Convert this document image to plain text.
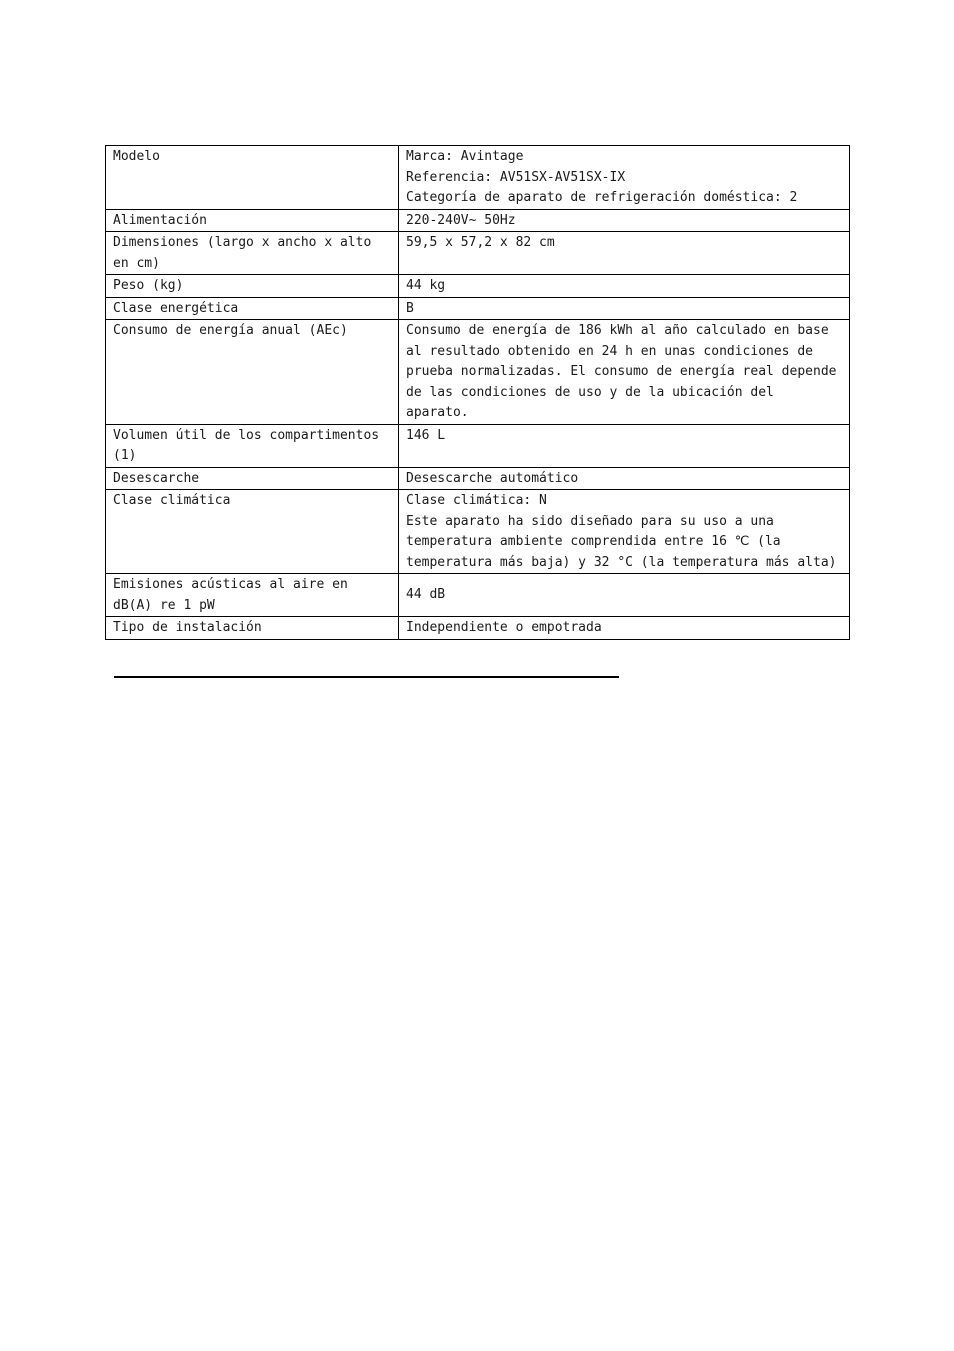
Modelo	Marca: Avintage
Referencia: AV51SX-AV51SX-IX
Categoría de aparato de refrigeración doméstica: 2

Alimentación	220-240V~ 50Hz

Dimensiones (largo x ancho x alto en cm)	59,5 x 57,2 x 82 cm

Peso (kg)	44 kg

Clase energética	B

Consumo de energía anual (AEc)	Consumo de energía de 186 kWh al año calculado en base al resultado obtenido en 24 h en unas condiciones de prueba normalizadas. El consumo de energía real depende de las condiciones de uso y de la ubicación del aparato.

Volumen útil de los compartimentos (1)	146 L

Desescarche	Desescarche automático

Clase climática	Clase climática: N
Este aparato ha sido diseñado para su uso a una temperatura ambiente comprendida entre 16 ℃ (la temperatura más baja) y 32 °C (la temperatura más alta)

Emisiones acústicas al aire en dB(A) re 1 pW	44 dB

Tipo de instalación	Independiente o empotrada
